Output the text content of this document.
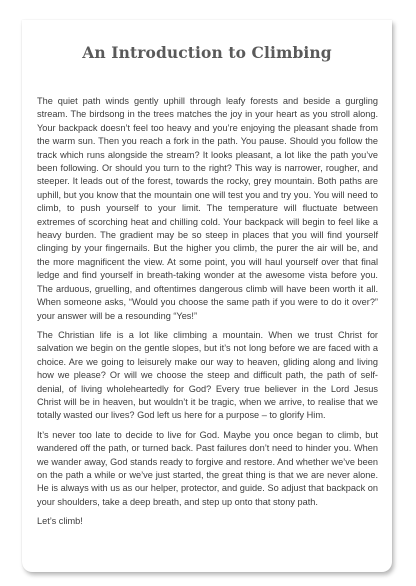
An Introduction to Climbing

The quiet path winds gently uphill through leafy forests and beside a gurgling stream. The birdsong in the trees matches the joy in your heart as you stroll along. Your backpack doesn’t feel too heavy and you’re enjoying the pleasant shade from the warm sun. Then you reach a fork in the path. You pause. Should you follow the track which runs alongside the stream? It looks pleasant, a lot like the path you’ve been following. Or should you turn to the right? This way is narrower, rougher, and steeper. It leads out of the forest, towards the rocky, grey mountain. Both paths are uphill, but you know that the mountain one will test you and try you. You will need to climb, to push yourself to your limit. The temperature will fluctuate between extremes of scorching heat and chilling cold. Your backpack will begin to feel like a heavy burden. The gradient may be so steep in places that you will find yourself clinging by your fingernails. But the higher you climb, the purer the air will be, and the more magnificent the view. At some point, you will haul yourself over that final ledge and find yourself in breath-taking wonder at the awesome vista before you. The arduous, gruelling, and oftentimes dangerous climb will have been worth it all. When someone asks, “Would you choose the same path if you were to do it over?” your answer will be a resounding “Yes!”

The Christian life is a lot like climbing a mountain. When we trust Christ for salvation we begin on the gentle slopes, but it’s not long before we are faced with a choice. Are we going to leisurely make our way to heaven, gliding along and living how we please? Or will we choose the steep and difficult path, the path of self-denial, of living wholeheartedly for God? Every true believer in the Lord Jesus Christ will be in heaven, but wouldn’t it be tragic, when we arrive, to realise that we totally wasted our lives? God left us here for a purpose – to glorify Him.

It’s never too late to decide to live for God. Maybe you once began to climb, but wandered off the path, or turned back. Past failures don’t need to hinder you. When we wander away, God stands ready to forgive and restore. And whether we’ve been on the path a while or we’ve just started, the great thing is that we are never alone. He is always with us as our helper, protector, and guide. So adjust that backpack on your shoulders, take a deep breath, and step up onto that stony path.

Let’s climb!
